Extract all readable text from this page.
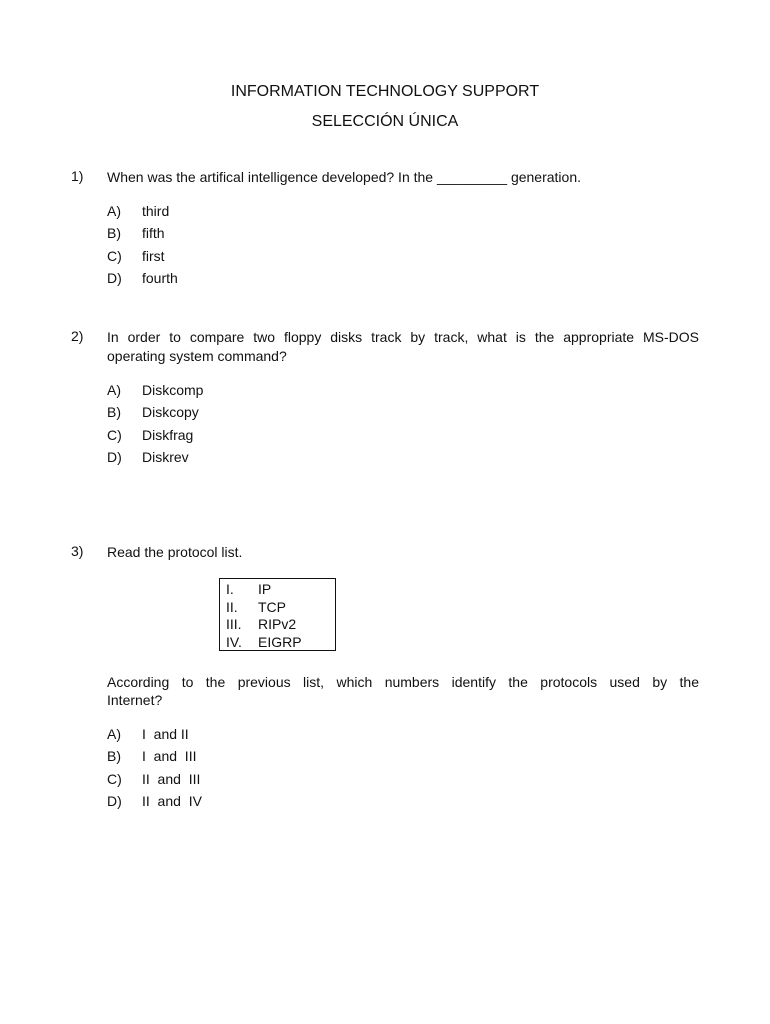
INFORMATION TECHNOLOGY SUPPORT
SELECCIÓN ÚNICA
1) When was the artifical intelligence developed? In the _________ generation.
A) third
B) fifth
C) first
D) fourth
2) In order to compare two floppy disks track by track, what is the appropriate MS-DOS
operating system command?
A) Diskcomp
B) Diskcopy
C) Diskfrag
D) Diskrev
3) Read the protocol list.
I. IP
II. TCP
III. RIPv2
IV. EIGRP
According to the previous list, which numbers identify the protocols used by the
Internet?
A) I  and II
B) I  and  III
C) II  and  III
D) II  and  IV
